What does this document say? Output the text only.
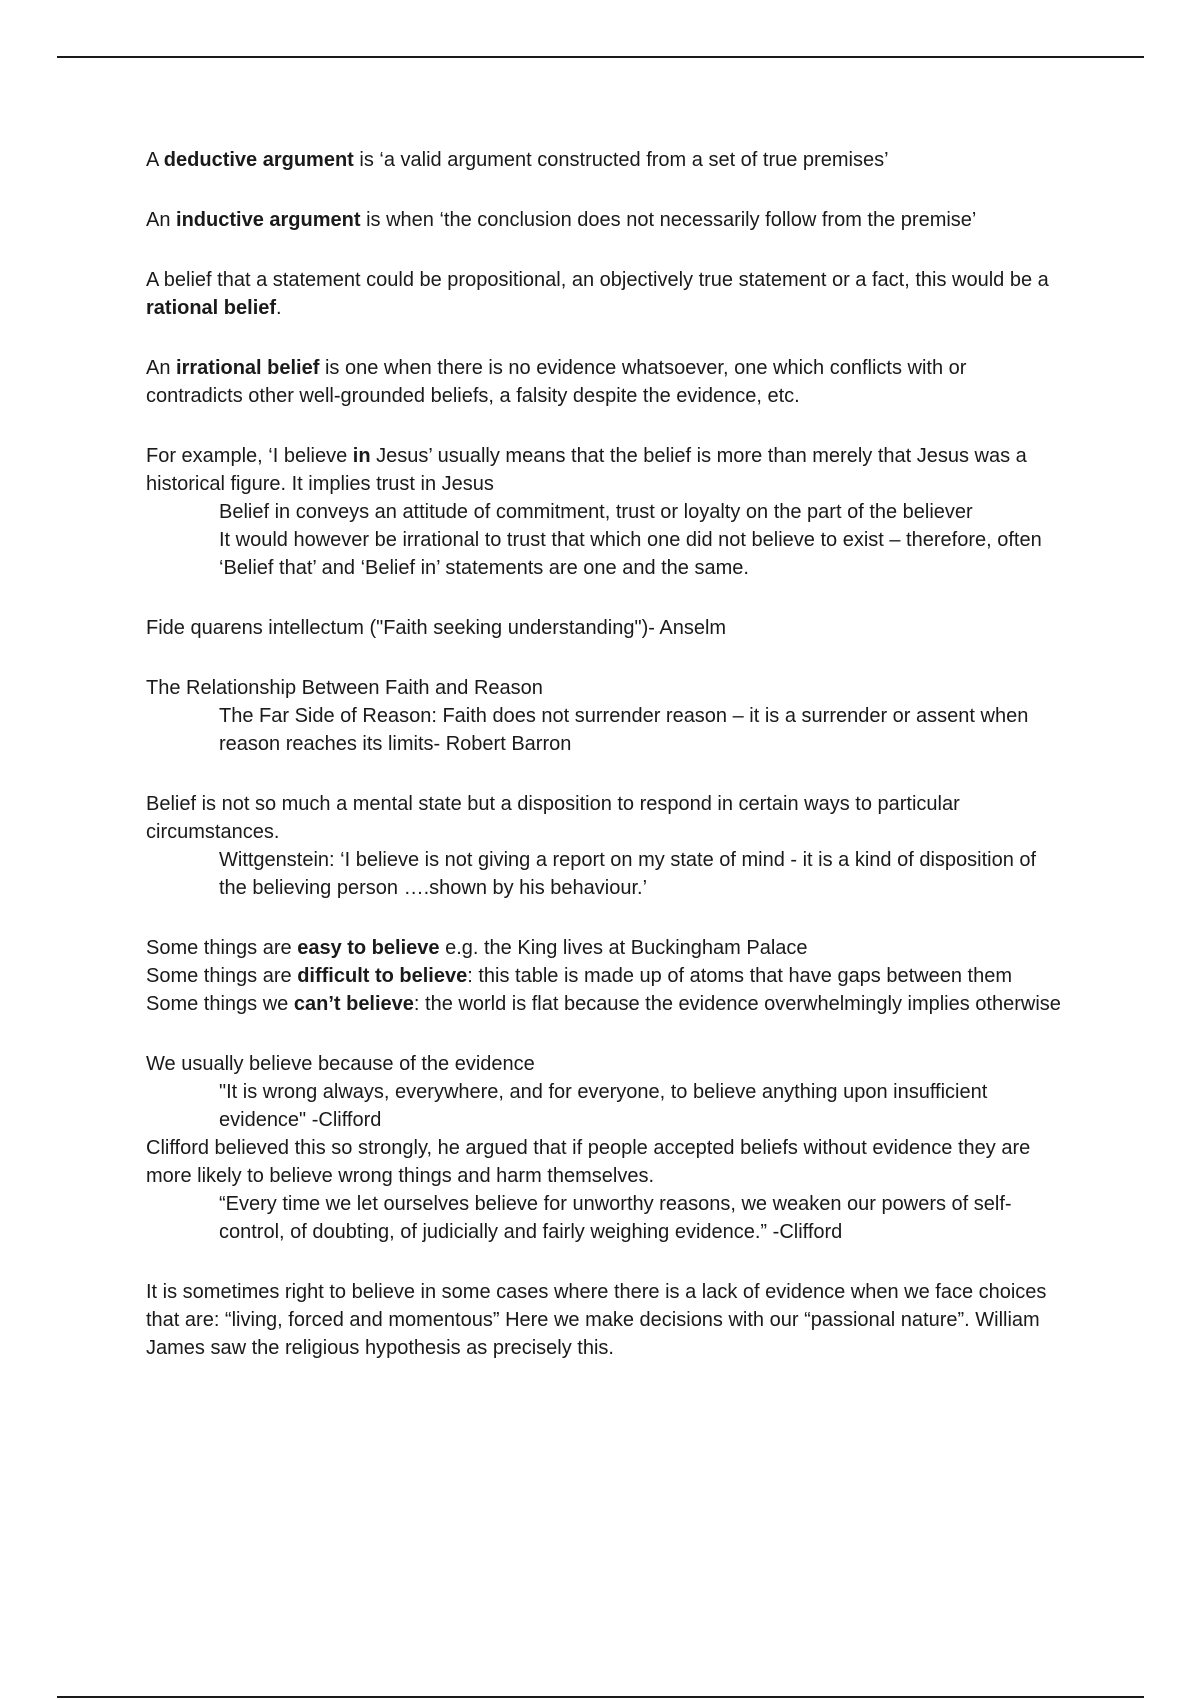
A deductive argument is ‘a valid argument constructed from a set of true premises’

An inductive argument is when ‘the conclusion does not necessarily follow from the premise’

A belief that a statement could be propositional, an objectively true statement or a fact, this would be a rational belief.

An irrational belief is one when there is no evidence whatsoever, one which conflicts with or contradicts other well-grounded beliefs, a falsity despite the evidence, etc.

For example, ‘I believe in Jesus’ usually means that the belief is more than merely that Jesus was a historical figure. It implies trust in Jesus

Belief in conveys an attitude of commitment, trust or loyalty on the part of the believer

It would however be irrational to trust that which one did not believe to exist – therefore, often ‘Belief that’ and ‘Belief in’ statements are one and the same.

Fide quarens intellectum ("Faith seeking understanding")- Anselm

The Relationship Between Faith and Reason

The Far Side of Reason: Faith does not surrender reason – it is a surrender or assent when reason reaches its limits- Robert Barron

Belief is not so much a mental state but a disposition to respond in certain ways to particular circumstances.

Wittgenstein: ‘I believe is not giving a report on my state of mind - it is a kind of disposition of the believing person ….shown by his behaviour.’

Some things are easy to believe e.g. the King lives at Buckingham Palace

Some things are difficult to believe: this table is made up of atoms that have gaps between them

Some things we can’t believe: the world is flat because the evidence overwhelmingly implies otherwise

We usually believe because of the evidence

"It is wrong always, everywhere, and for everyone, to believe anything upon insufficient evidence" -Clifford

Clifford believed this so strongly, he argued that if people accepted beliefs without evidence they are more likely to believe wrong things and harm themselves.

“Every time we let ourselves believe for unworthy reasons, we weaken our powers of self-control, of doubting, of judicially and fairly weighing evidence.” -Clifford

It is sometimes right to believe in some cases where there is a lack of evidence when we face choices that are: “living, forced and momentous” Here we make decisions with our “passional nature”. William James saw the religious hypothesis as precisely this.
